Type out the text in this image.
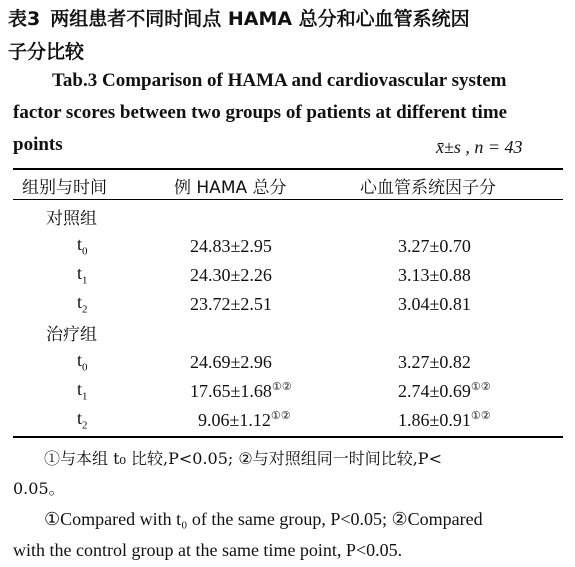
表3 两组患者不同时间点 HAMA 总分和心血管系统因
子分比较
Tab.3 Comparison of HAMA and cardiovascular system
factor scores between two groups of patients at different time
points	x̄±s , n = 43
组别与时间	例 HAMA 总分	心血管系统因子分
对照组
$t_0$	24.83±2.95	3.27±0.70
$t_1$	24.30±2.26	3.13±0.88
$t_2$	23.72±2.51	3.04±0.81
治疗组
$t_0$	24.69±2.96	3.27±0.82
$t_1$	17.65±1.68①②	2.74±0.69①②
$t_2$	9.06±1.12①②	1.86±0.91①②
①与本组 t₀ 比较,P<0.05; ②与对照组同一时间比较,P<
0.05。
①Compared with t₀ of the same group, P<0.05; ②Compared
with the control group at the same time point, P<0.05.
